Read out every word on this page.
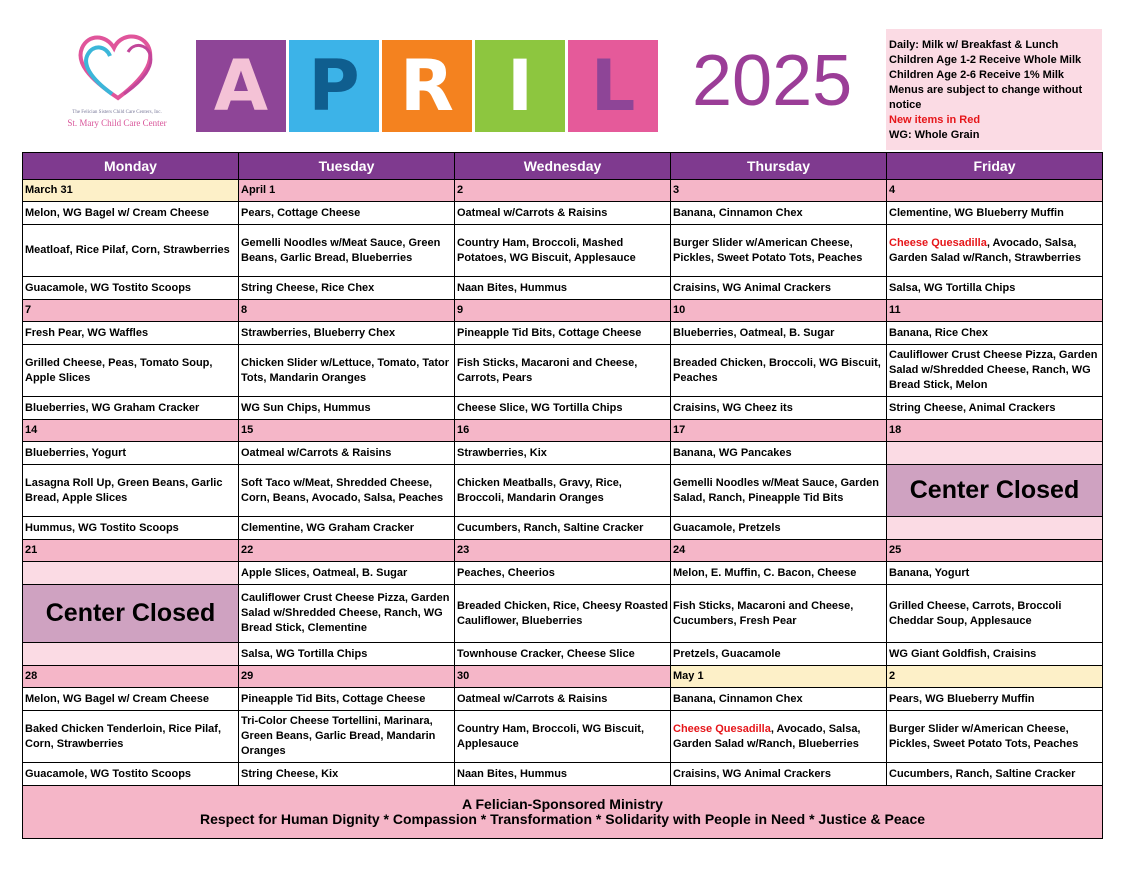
The Felician Sisters Child Care Centers, Inc.
St. Mary Child Care Center A P R I L 2025	Daily: Milk w/ Breakfast & Lunch
Children Age 1-2 Receive Whole Milk
Children Age 2-6 Receive 1% Milk
Menus are subject to change without notice
New items in Red
WG: Whole Grain
Monday	Tuesday	Wednesday	Thursday	Friday
March 31	April 1	2	3	4
Melon, WG Bagel w/ Cream Cheese	Pears, Cottage Cheese	Oatmeal w/Carrots & Raisins	Banana, Cinnamon Chex	Clementine, WG Blueberry Muffin
Meatloaf, Rice Pilaf, Corn, Strawberries	Gemelli Noodles w/Meat Sauce, Green Beans, Garlic Bread, Blueberries	Country Ham, Broccoli, Mashed Potatoes, WG Biscuit, Applesauce	Burger Slider w/American Cheese, Pickles, Sweet Potato Tots, Peaches	Cheese Quesadilla, Avocado, Salsa, Garden Salad w/Ranch, Strawberries
Guacamole, WG Tostito Scoops	String Cheese, Rice Chex	Naan Bites, Hummus	Craisins, WG Animal Crackers	Salsa, WG Tortilla Chips
7	8	9	10	11
Fresh Pear, WG Waffles	Strawberries, Blueberry Chex	Pineapple Tid Bits, Cottage Cheese	Blueberries, Oatmeal, B. Sugar	Banana, Rice Chex
Grilled Cheese, Peas, Tomato Soup, Apple Slices	Chicken Slider w/Lettuce, Tomato, Tator Tots, Mandarin Oranges	Fish Sticks, Macaroni and Cheese, Carrots, Pears	Breaded Chicken, Broccoli, WG Biscuit, Peaches	Cauliflower Crust Cheese Pizza, Garden Salad w/Shredded Cheese, Ranch, WG Bread Stick, Melon
Blueberries, WG Graham Cracker	WG Sun Chips, Hummus	Cheese Slice, WG Tortilla Chips	Craisins, WG Cheez its	String Cheese, Animal Crackers
14	15	16	17	18
Blueberries, Yogurt	Oatmeal w/Carrots & Raisins	Strawberries, Kix	Banana, WG Pancakes	
Lasagna Roll Up, Green Beans, Garlic Bread, Apple Slices	Soft Taco w/Meat, Shredded Cheese, Corn, Beans, Avocado, Salsa, Peaches	Chicken Meatballs, Gravy, Rice, Broccoli, Mandarin Oranges	Gemelli Noodles w/Meat Sauce, Garden Salad, Ranch, Pineapple Tid Bits	Center Closed
Hummus, WG Tostito Scoops	Clementine, WG Graham Cracker	Cucumbers, Ranch, Saltine Cracker	Guacamole, Pretzels	
21	22	23	24	25
	Apple Slices, Oatmeal, B. Sugar	Peaches, Cheerios	Melon, E. Muffin, C. Bacon, Cheese	Banana, Yogurt
Center Closed	Cauliflower Crust Cheese Pizza, Garden Salad w/Shredded Cheese, Ranch, WG Bread Stick, Clementine	Breaded Chicken, Rice, Cheesy Roasted Cauliflower, Blueberries	Fish Sticks, Macaroni and Cheese, Cucumbers, Fresh Pear	Grilled Cheese, Carrots, Broccoli Cheddar Soup, Applesauce
	Salsa, WG Tortilla Chips	Townhouse Cracker, Cheese Slice	Pretzels, Guacamole	WG Giant Goldfish, Craisins
28	29	30	May 1	2
Melon, WG Bagel w/ Cream Cheese	Pineapple Tid Bits, Cottage Cheese	Oatmeal w/Carrots & Raisins	Banana, Cinnamon Chex	Pears, WG Blueberry Muffin
Baked Chicken Tenderloin, Rice Pilaf, Corn, Strawberries	Tri-Color Cheese Tortellini, Marinara, Green Beans, Garlic Bread, Mandarin Oranges	Country Ham, Broccoli, WG Biscuit, Applesauce	Cheese Quesadilla, Avocado, Salsa, Garden Salad w/Ranch, Blueberries	Burger Slider w/American Cheese, Pickles, Sweet Potato Tots, Peaches
Guacamole, WG Tostito Scoops	String Cheese, Kix	Naan Bites, Hummus	Craisins, WG Animal Crackers	Cucumbers, Ranch, Saltine Cracker

A Felician-Sponsored Ministry
Respect for Human Dignity * Compassion * Transformation * Solidarity with People in Need * Justice & Peace				
